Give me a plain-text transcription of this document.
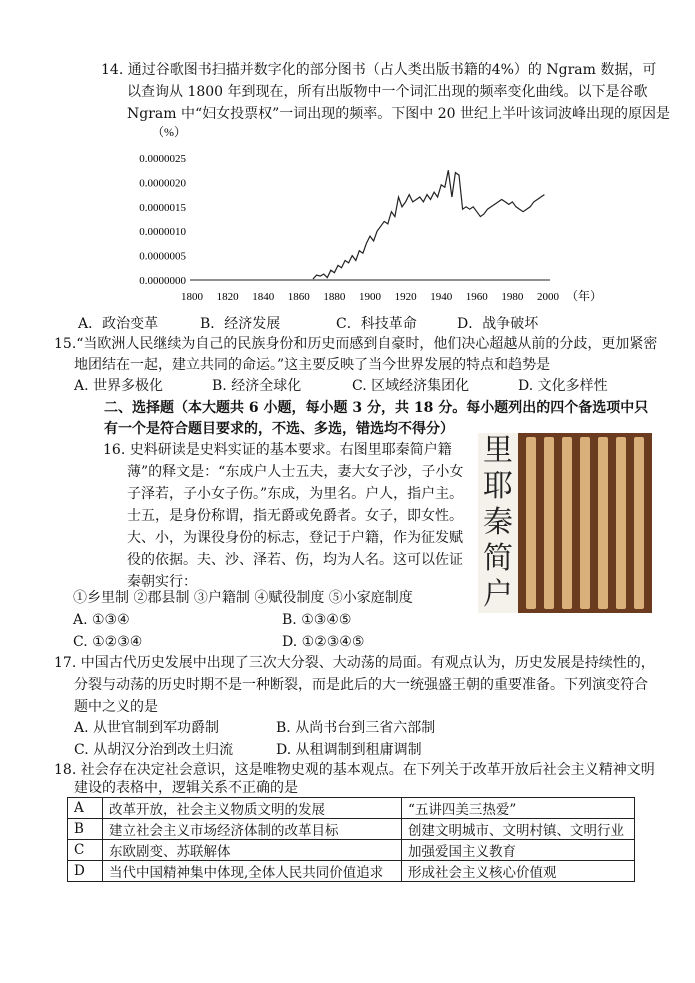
14. 通过谷歌图书扫描并数字化的部分图书（占人类出版书籍的4%）的 Ngram 数据，可
以查询从 1800 年到现在，所有出版物中一个词汇出现的频率变化曲线。以下是谷歌
Ngram 中“妇女投票权”一词出现的频率。下图中 20 世纪上半叶该词波峰出现的原因是
（%）
0.0000000
0.0000005
0.0000010
0.0000015
0.0000020
0.0000025
1800 1820 1840 1860 1880 1900 1920 1940 1960 1980 2000 （年）
A．政治变革	B．经济发展	C．科技革命	D．战争破坏
15.“当欧洲人民继续为自己的民族身份和历史而感到自豪时，他们决心超越从前的分歧，更加紧密
地团结在一起，建立共同的命运。”这主要反映了当今世界发展的特点和趋势是
A. 世界多极化	B. 经济全球化	C. 区域经济集团化	D. 文化多样性
二、选择题（本大题共 6 小题，每小题 3 分，共 18 分。每小题列出的四个备选项中只
有一个是符合题目要求的，不选、多选，错选均不得分）
16. 史料研读是史料实证的基本要求。右图里耶秦简户籍
薄”的释文是：“东成户人士五夫，妻大女子沙，子小女
子泽若，子小女子伤。”东成，为里名。户人，指户主。
士五，是身份称谓，指无爵或免爵者。女子，即女性。
大、小，为课役身份的标志，登记于户籍，作为征发赋
役的依据。夫、沙、泽若、伤，均为人名。这可以佐证
秦朝实行：
里耶秦简户
①乡里制 ②郡县制 ③户籍制 ④赋役制度 ⑤小家庭制度
A. ①③④	B. ①③④⑤
C. ①②③④	D. ①②③④⑤
17. 中国古代历史发展中出现了三次大分裂、大动荡的局面。有观点认为，历史发展是持续性的，
分裂与动荡的历史时期不是一种断裂，而是此后的大一统强盛王朝的重要准备。下列演变符合
题中之义的是
A. 从世官制到军功爵制	B. 从尚书台到三省六部制
C. 从胡汉分治到改土归流	D. 从租调制到租庸调制
18. 社会存在决定社会意识，这是唯物史观的基本观点。在下列关于改革开放后社会主义精神文明
建设的表格中，逻辑关系不正确的是
A	改革开放，社会主义物质文明的发展	“五讲四美三热爱”
B	建立社会主义市场经济体制的改革目标	创建文明城市、文明村镇、文明行业
C	东欧剧变、苏联解体	加强爱国主义教育
D	当代中国精神集中体现,全体人民共同价值追求	形成社会主义核心价值观
